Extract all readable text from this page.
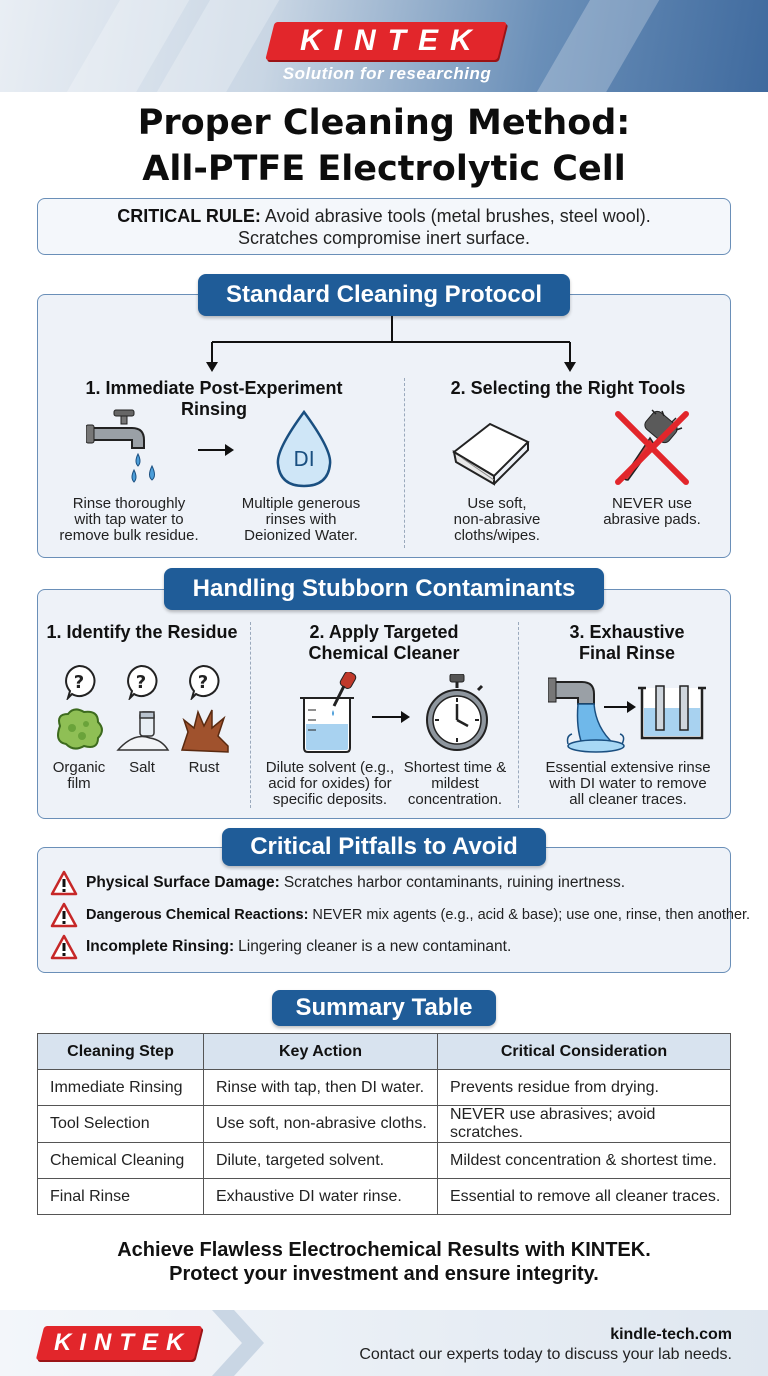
KINTEK
Solution for researching
Proper Cleaning Method:
All-PTFE Electrolytic Cell
CRITICAL RULE: Avoid abrasive tools (metal brushes, steel wool).
Scratches compromise inert surface.
Standard Cleaning Protocol
1. Immediate Post-Experiment Rinsing
2. Selecting the Right Tools
DI
Rinse thoroughly
with tap water to
remove bulk residue.
Multiple generous
rinses with
Deionized Water.
Use soft,
non-abrasive
cloths/wipes.
NEVER use
abrasive pads.
Handling Stubborn Contaminants
1. Identify the Residue	2. Apply Targeted
Chemical Cleaner
3. Exhaustive
Final Rinse
?	?	?
Organic
film
Salt	Rust	Dilute solvent (e.g.,
acid for oxides) for
specific deposits.
Shortest time &
mildest
concentration.
Essential extensive rinse
with DI water to remove
all cleaner traces.
Critical Pitfalls to Avoid
Physical Surface Damage: Scratches harbor contaminants, ruining inertness.
Dangerous Chemical Reactions: NEVER mix agents (e.g., acid & base); use one, rinse, then another.
Incomplete Rinsing: Lingering cleaner is a new contaminant.
Summary Table
Cleaning Step	Key Action	Critical Consideration
Immediate Rinsing	Rinse with tap, then DI water.	Prevents residue from drying.
Tool Selection	Use soft, non-abrasive cloths.	NEVER use abrasives; avoid scratches.
Chemical Cleaning	Dilute, targeted solvent.	Mildest concentration & shortest time.
Final Rinse	Exhaustive DI water rinse.	Essential to remove all cleaner traces.
Achieve Flawless Electrochemical Results with KINTEK.
Protect your investment and ensure integrity.
KINTEK	kindle-tech.com
Contact our experts today to discuss your lab needs.
